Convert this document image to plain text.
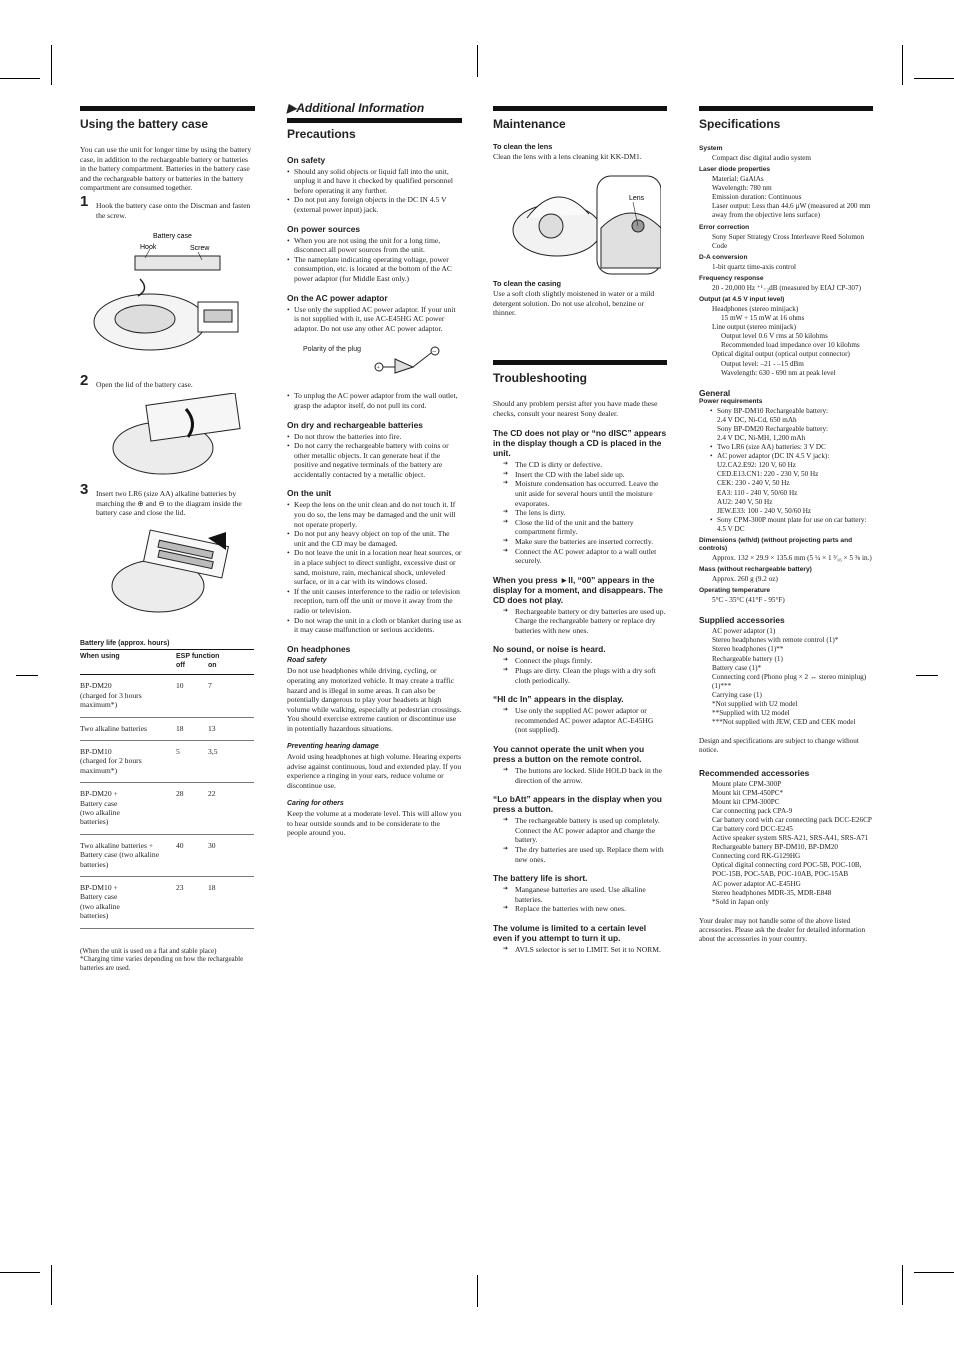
Using the battery case

You can use the unit for longer time by using the battery case, in addition to the rechargeable battery or batteries in the battery compartment. Batteries in the battery case and the rechargeable battery or batteries in the battery compartment are consumed together.

1 Hook the battery case onto the Discman and fasten the screw.
Battery case
Hook	Screw
2 Open the lid of the battery case.
3 Insert two LR6 (size AA) alkaline batteries by matching the ⊕ and ⊖ to the diagram inside the battery case and close the lid.
Battery life (approx. hours)
When using	ESP function
off on	

BP-DM20
(charged for 3 hours maximum*)	10	7
Two alkaline batteries	18	13
BP-DM10
(charged for 2 hours maximum*)	5	3,5
BP-DM20 +
Battery case
(two alkaline
batteries)	28	22
Two alkaline batteries + Battery case (two alkaline batteries)	40	30
BP-DM10 +
Battery case
(two alkaline
batteries)	23	18

(When the unit is used on a flat and stable place)

*Charging time varies depending on how the rechargeable batteries are used.

▶Additional Information
Precautions
On safety
• Should any solid objects or liquid fall into the unit, unplug it and have it checked by qualified personnel before operating it any further.
• Do not put any foreign objects in the DC IN 4.5 V (external power input) jack.
On power sources
• When you are not using the unit for a long time, disconnect all power sources from the unit.
• The nameplate indicating operating voltage, power consumption, etc. is located at the bottom of the AC power adaptor (for Middle East only.)
On the AC power adaptor
• Use only the supplied AC power adaptor. If your unit is not supplied with it, use AC-E45HG AC power adaptor. Do not use any other AC power adaptor.
Polarity of the plug
+
–
• To unplug the AC power adaptor from the wall outlet, grasp the adaptor itself, do not pull its cord.
On dry and rechargeable batteries
• Do not throw the batteries into fire.
• Do not carry the rechargeable battery with coins or other metallic objects. It can generate heat if the positive and negative terminals of the battery are accidentally contacted by a metallic object.
On the unit
• Keep the lens on the unit clean and do not touch it. If you do so, the lens may be damaged and the unit will not operate properly.
• Do not put any heavy object on top of the unit. The unit and the CD may be damaged.
• Do not leave the unit in a location near heat sources, or in a place subject to direct sunlight, excessive dust or sand, moisture, rain, mechanical shock, unleveled surface, or in a car with its windows closed.
• If the unit causes interference to the radio or television reception, turn off the unit or move it away from the radio or television.
• Do not wrap the unit in a cloth or blanket during use as it may cause malfunction or serious accidents.
On headphones
Road safety

Do not use headphones while driving, cycling, or operating any motorized vehicle. It may create a traffic hazard and is illegal in some areas. It can also be potentially dangerous to play your headsets at high volume while walking, especially at pedestrian crossings. You should exercise extreme caution or discontinue use in potentially hazardous situations.

Preventing hearing damage

Avoid using headphones at high volume. Hearing experts advise against continuous, loud and extended play. If you experience a ringing in your ears, reduce volume or discontinue use.

Caring for others

Keep the volume at a moderate level. This will allow you to hear outside sounds and to be considerate to the people around you.

Maintenance
To clean the lens

Clean the lens with a lens cleaning kit KK-DM1.

Lens
To clean the casing

Use a soft cloth slightly moistened in water or a mild detergent solution. Do not use alcohol, benzine or thinner.

Troubleshooting

Should any problem persist after you have made these checks, consult your nearest Sony dealer.

The CD does not play or “no dISC” appears in the display though a CD is placed in the unit.
➔ The CD is dirty or defective.
➔ Insert the CD with the label side up.
➔ Moisture condensation has occurred. Leave the unit aside for several hours until the moisture evaporates.
➔ The lens is dirty.
➔ Close the lid of the unit and the battery compartment firmly.
➔ Make sure the batteries are inserted correctly.
➔ Connect the AC power adaptor to a wall outlet securely.
When you press ►II, “00” appears in the display for a moment, and disappears. The CD does not play.
➔ Rechargeable battery or dry batteries are used up. Charge the rechargeable battery or replace dry batteries with new ones.
No sound, or noise is heard.
➔ Connect the plugs firmly.
➔ Plugs are dirty. Clean the plugs with a dry soft cloth periodically.
“HI dc In” appears in the display.
➔ Use only the supplied AC power adaptor or recommended AC power adaptor AC-E45HG (not supplied).
You cannot operate the unit when you press a button on the remote control.
➔ The buttons are locked. Slide HOLD back in the direction of the arrow.
“Lo bAtt” appears in the display when you press a button.
➔ The rechargeable battery is used up completely. Connect the AC power adaptor and charge the battery.
➔ The dry batteries are used up. Replace them with new ones.
The battery life is short.
➔ Manganese batteries are used. Use alkaline batteries.
➔ Replace the batteries with new ones.
The volume is limited to a certain level even if you attempt to turn it up.
➔ AVLS selector is set to LIMIT. Set it to NORM.
Specifications
System

Compact disc digital audio system

Laser diode properties

Material: GaAlAs

Wavelength: 780 nm

Emission duration: Continuous

Laser output: Less than 44.6 µW (measured at 200 mm away from the objective lens surface)

Error correction

Sony Super Strategy Cross Interleave Reed Solomon Code

D-A conversion

1-bit quartz time-axis control

Frequency response

20 - 20,000 Hz ⁺¹₋₂dB (measured by EIAJ CP-307)

Output (at 4.5 V input level)

Headphones (stereo minijack)

15 mW + 15 mW at 16 ohms

Line output (stereo minijack)

Output level 0.6 V rms at 50 kilohms

Recommended load impedance over 10 kilohms

Optical digital output (optical output connector)

Output level: –21 - –15 dBm

Wavelength: 630 - 690 nm at peak level

General
Power requirements
• Sony BP-DM10 Rechargeable battery:

2.4 V DC, Ni-Cd, 650 mAh

Sony BP-DM20 Rechargeable battery:

2.4 V DC, Ni-MH, 1,200 mAh

• Two LR6 (size AA) batteries: 3 V DC
• AC power adaptor (DC IN 4.5 V jack):

U2.CA2.E92: 120 V, 60 Hz

CED.E13.CN1: 220 - 230 V, 50 Hz

CEK: 230 - 240 V, 50 Hz

EA3: 110 - 240 V, 50/60 Hz

AU2: 240 V, 50 Hz

JEW.E33: 100 - 240 V, 50/60 Hz

• Sony CPM-300P mount plate for use on car battery: 4.5 V DC
Dimensions (w/h/d) (without projecting parts and controls)

Approx. 132 × 29.9 × 135.6 mm (5 ¼ × 1 ³⁄₁₆ × 5 ⅜ in.)

Mass (without rechargeable battery)

Approx. 260 g (9.2 oz)

Operating temperature

5°C - 35°C (41°F - 95°F)

Supplied accessories

AC power adaptor (1)

Stereo headphones with remote control (1)*

Stereo headphones (1)**

Rechargeable battery (1)

Battery case (1)*

Connecting cord (Phono plug × 2 ↔ stereo miniplug) (1)***

Carrying case (1)

*Not supplied with U2 model

**Supplied with U2 model

***Not supplied with JEW, CED and CEK model

Design and specifications are subject to change without notice.

Recommended accessories

Mount plate CPM-300P

Mount kit CPM-450PC*

Mount kit CPM-300PC

Car connecting pack CPA-9

Car battery cord with car connecting pack DCC-E26CP

Car battery cord DCC-E245

Active speaker system SRS-A21, SRS-A41, SRS-A71

Rechargeable battery BP-DM10, BP-DM20

Connecting cord RK-G129HG

Optical digital connecting cord POC-5B, POC-10B, POC-15B, POC-5AB, POC-10AB, POC-15AB

AC power adaptor AC-E45HG

Stereo headphones MDR-35, MDR-E848

*Sold in Japan only

Your dealer may not handle some of the above listed accessories. Please ask the dealer for detailed information about the accessories in your country.
